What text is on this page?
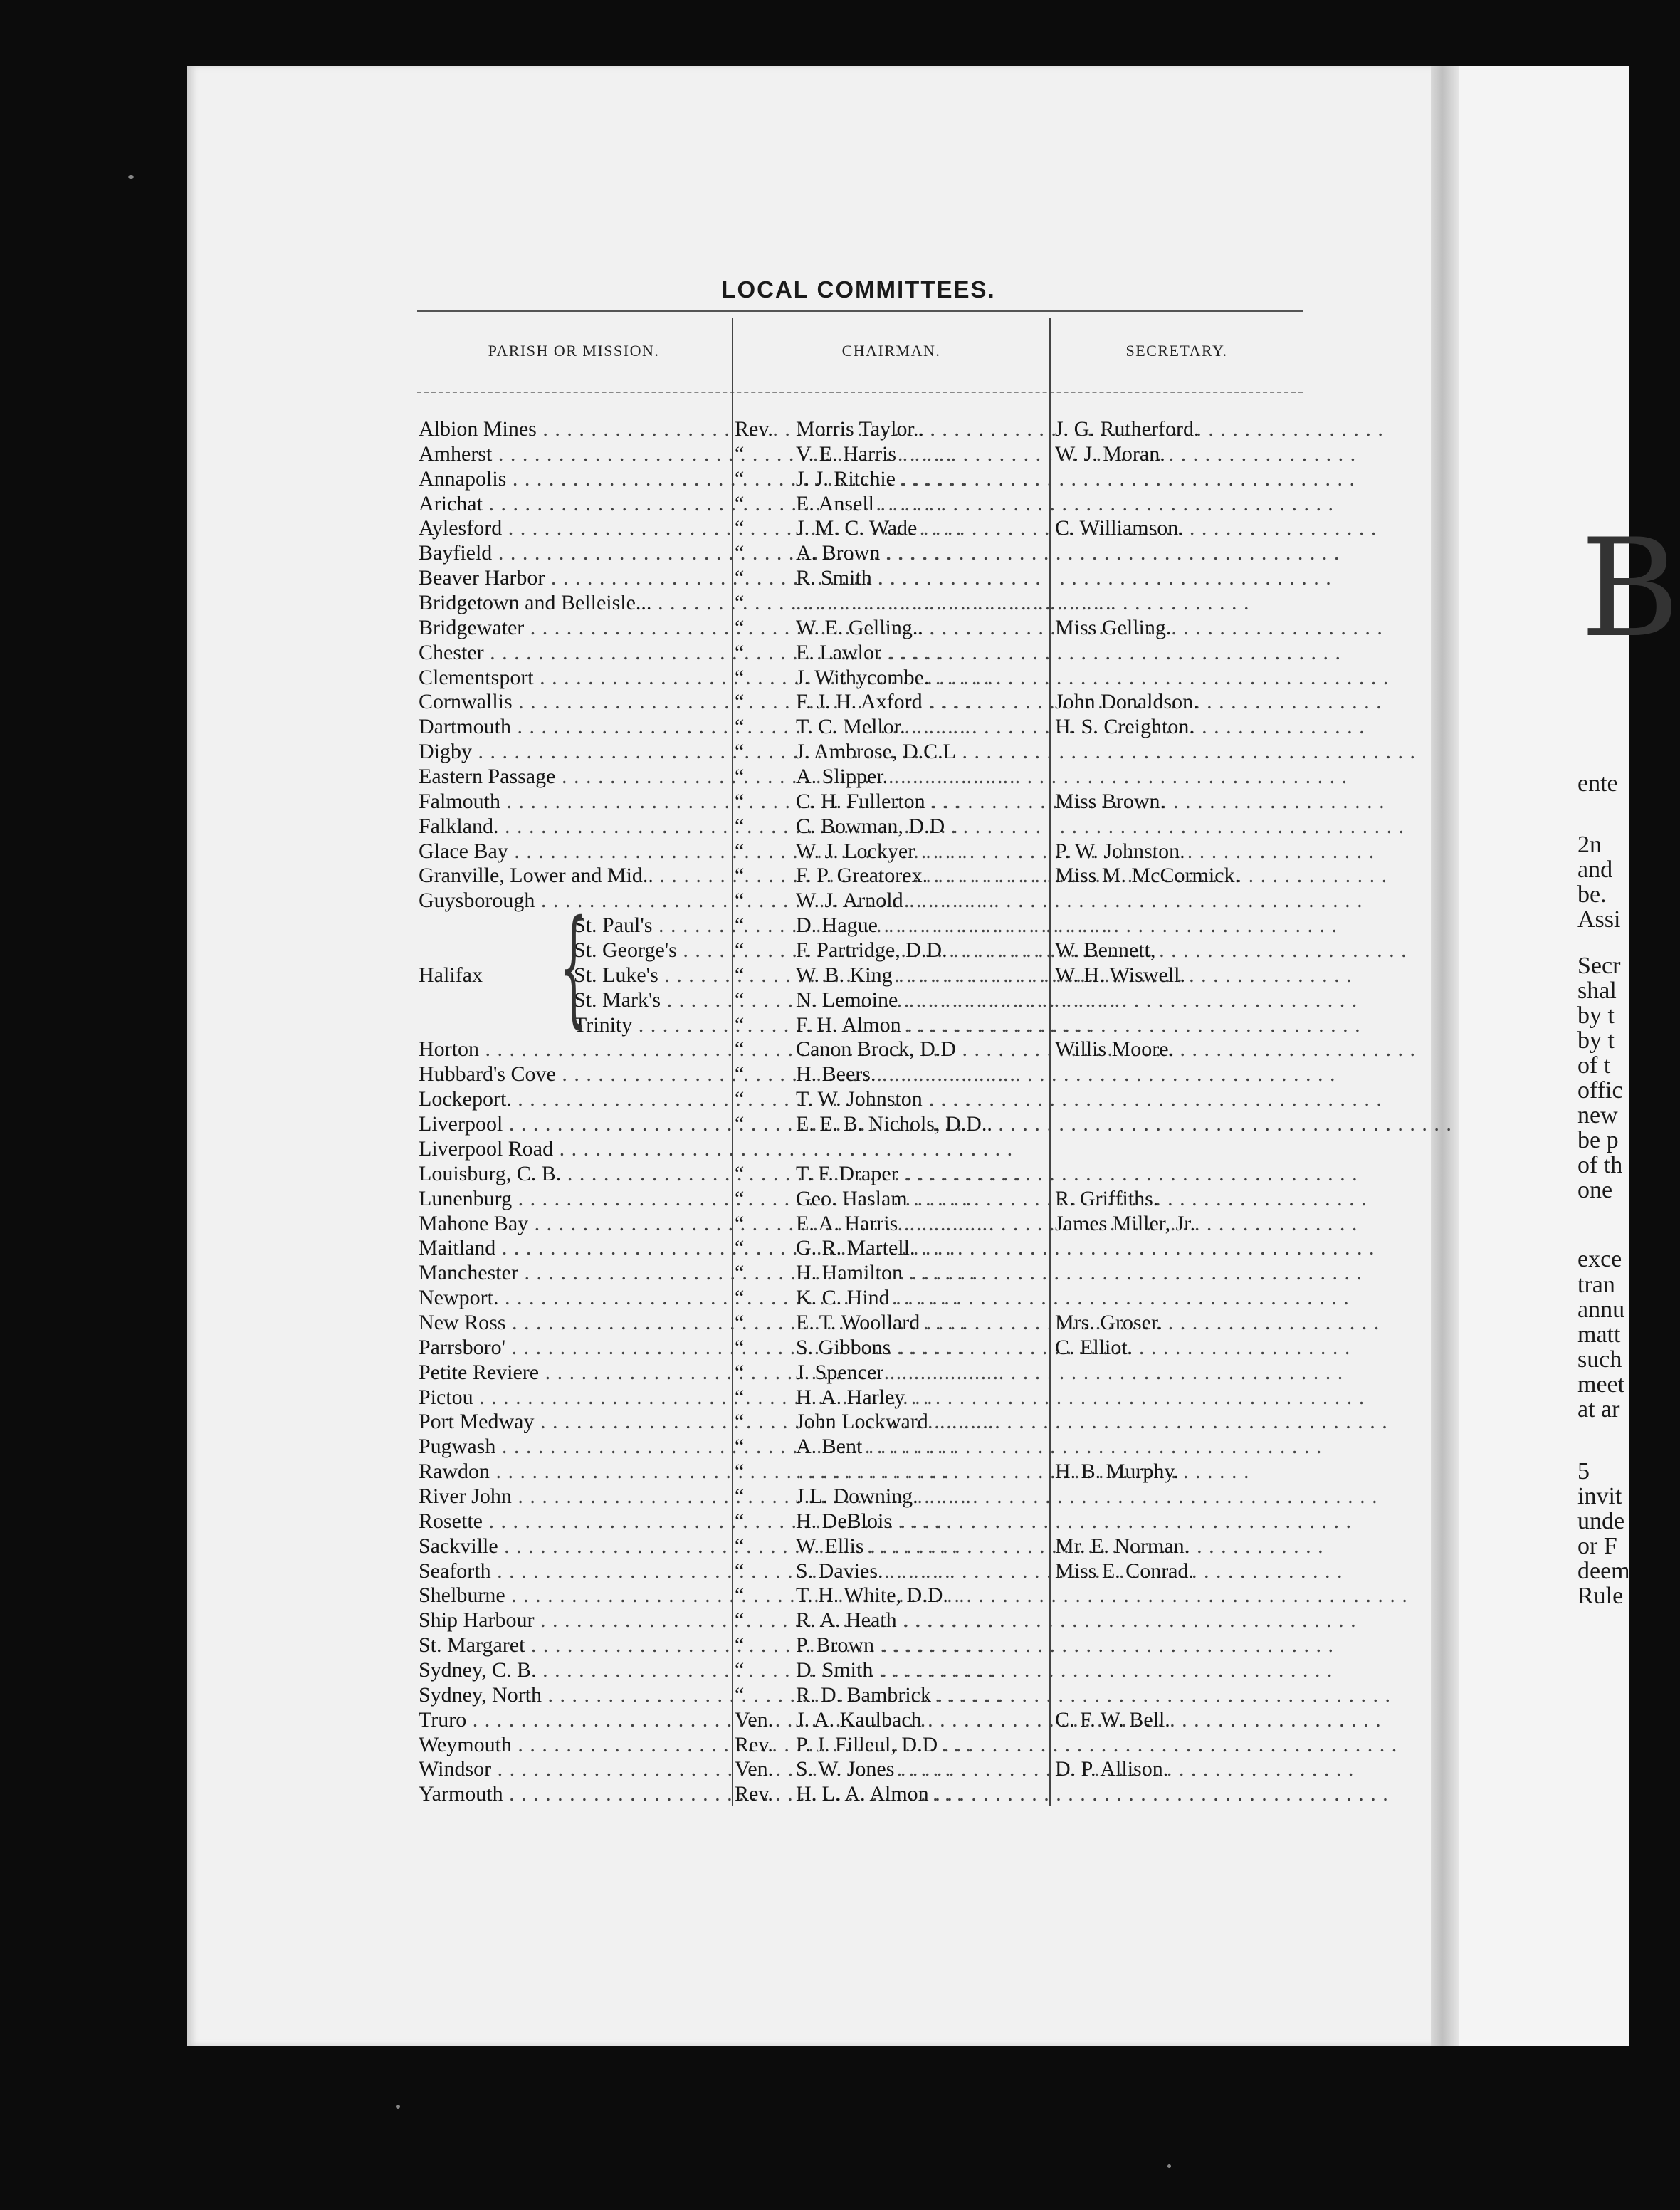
B
ente
2n
and
be.
Assi
Secr
shal
by t
by t
of t
offic
new
be p
of th
one
exce
tran
annu
matt
such
meet
at ar
5
invit
unde
or F
deem
Rule
LOCAL COMMITTEES.
PARISH OR MISSION.	CHAIRMAN.	SECRETARY.
Albion Mines . . .	Rev. Morris Taylor.. . . .	J. G. Rutherford.
Amherst . . .	“	V. E. Harris . . .	W. J. Moran.
Annapolis . . .	“	J. J. Ritchie . . .
Arichat . . .	“	E. Ansell . . .
Aylesford . . .	“	J. M. C. Wade . . .	C. Williamson.
Bayfield . . .	“	A. Brown . . .
Beaver Harbor . . .	“	R. Smith . . .
Bridgetown and Belleisle... . . .	“
. . .
Bridgewater . . .	“	W. E. Gelling.. . . .	Miss Gelling.
Chester . . .	“	E. Lawlor . . .
Clementsport . . .	“	J. Withycombe. . . .
Cornwallis . . .	“	F. J. H. Axford . . .	John Donaldson.
Dartmouth . . .	“	T. C. Mellor. . . .	H. S. Creighton.
Digby . . .	“	J. Ambrose, D.C.L . . .
Eastern Passage . . .	“	A. Slipper. . . .
Falmouth . . .	“	C. H. Fullerton . . .	Miss Brown.
Falkland. . . .	“	C. Bowman, D.D . . .
Glace Bay . . .	“	W. J. Lockyer . . .	P. W. Johnston.
Granville, Lower and Mid.. . . .	“	F. P. Greatorex. . . .	Miss M. McCormick.
Guysborough . . .	“	W. J. Arnold . . .
St. Paul's . . .	“	D. Hague . . .
St. George's . . .	“	F. Partridge, D.D. . . .	W. Bennett,
St. Luke's . . .	“	W. B. King . . .	W. H. Wiswell.
St. Mark's . . .	“	N. Lemoine . . .
Trinity . . .	“	F. H. Almon . . .
Halifax {
Horton . . .	“	Canon Brock, D.D . . .	Willis Moore.
Hubbard's Cove . . .	“	H. Beers. . . .
Lockeport. . . .	“	T. W. Johnston . . .
Liverpool . . .	“	E. E. B. Nichols, D.D.. . . .
Liverpool Road . . .
Louisburg, C. B. . . .	“	T. F. Draper . . .
Lunenburg . . .	“	Geo. Haslam . . .	R. Griffiths.
Mahone Bay . . .	“	E. A. Harris . . .	James Miller, Jr.
Maitland . . .	“	G. R. Martell. . . .
Manchester . . .	“	H. Hamilton . . .
Newport. . . .	“	K. C. Hind . . .
New Ross . . .	“	E. T. Woollard . . .	Mrs. Groser.
Parrsboro' . . .	“	S. Gibbons . . .	C. Elliot.
Petite Reviere . . .	“	J. Spencer . . .
Pictou . . .	“	H. A. Harley . . .
Port Medway . . .	“	John Lockward . . .
Pugwash . . .	“	A. Bent . . .
Rawdon . . .	“
. . .	H. B. Murphy.
River John . . .	“	J.L. Downing. . . .
Rosette . . .	“	H. DeBlois . . .
Sackville . . .	“	W. Ellis . . .	Mr. E. Norman.
Seaforth . . .	“	S. Davies. . . .	Miss E. Conrad.
Shelburne . . .	“	T. H. White, D.D. . . .
Ship Harbour . . .	“	R. A. Heath . . .
St. Margaret . . .	“	P. Brown . . .
Sydney, C. B. . . .	“	D. Smith . . .
Sydney, North . . .	“	R. D. Bambrick . . .
Truro . . .	Ven. J. A. Kaulbach . . .	C. F. W. Bell.
Weymouth . . .	Rev. P. J. Filleul, D.D . . .
Windsor . . .	Ven. S. W. Jones . . .	D. P. Allison.
Yarmouth . . .	Rev. H. L. A. Almon . . .
